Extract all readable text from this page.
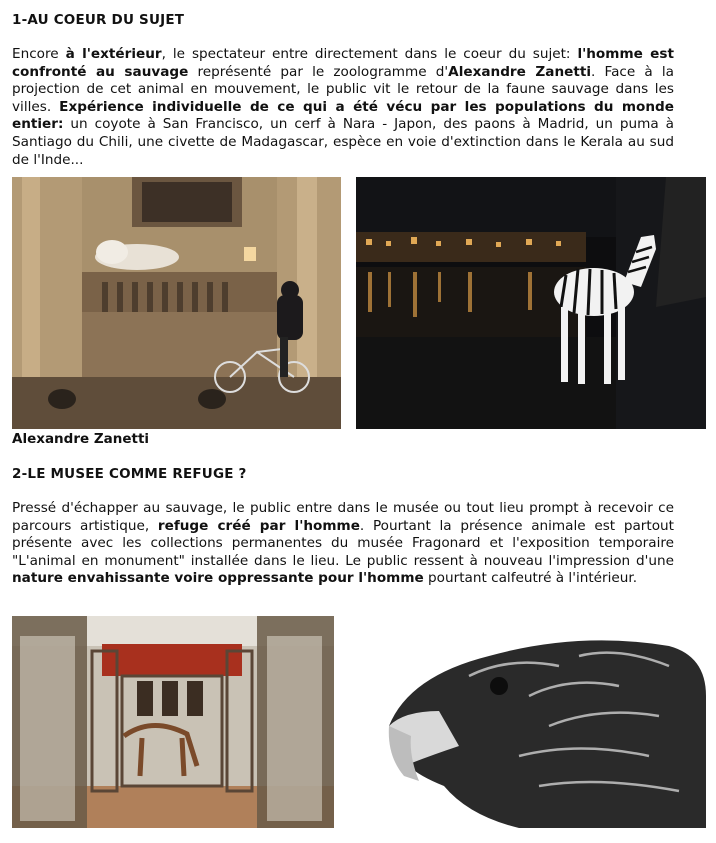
1-AU COEUR DU SUJET

Encore à l'extérieur, le spectateur entre directement dans le coeur du sujet: l'homme est confronté au sauvage représenté par le zoologramme d'Alexandre Zanetti. Face à la projection de cet animal en mouvement, le public vit le retour de la faune sauvage dans les villes. Expérience individuelle de ce qui a été vécu par les populations du monde entier: un coyote à San Francisco, un cerf à Nara - Japon, des paons à Madrid, un puma à Santiago du Chili, une civette de Madagascar, espèce en voie d'extinction dans le Kerala au sud de l'Inde...

Alexandre Zanetti

2-LE MUSEE COMME REFUGE ?

Pressé d'échapper au sauvage, le public entre dans le musée ou tout lieu prompt à recevoir ce parcours artistique, refuge créé par l'homme. Pourtant la présence animale est partout présente avec les collections permanentes du musée Fragonard et l'exposition temporaire "L'animal en monument" installée dans le lieu. Le public ressent à nouveau l'impression d'une nature envahissante voire oppressante pour l'homme pourtant calfeutré à l'intérieur.
